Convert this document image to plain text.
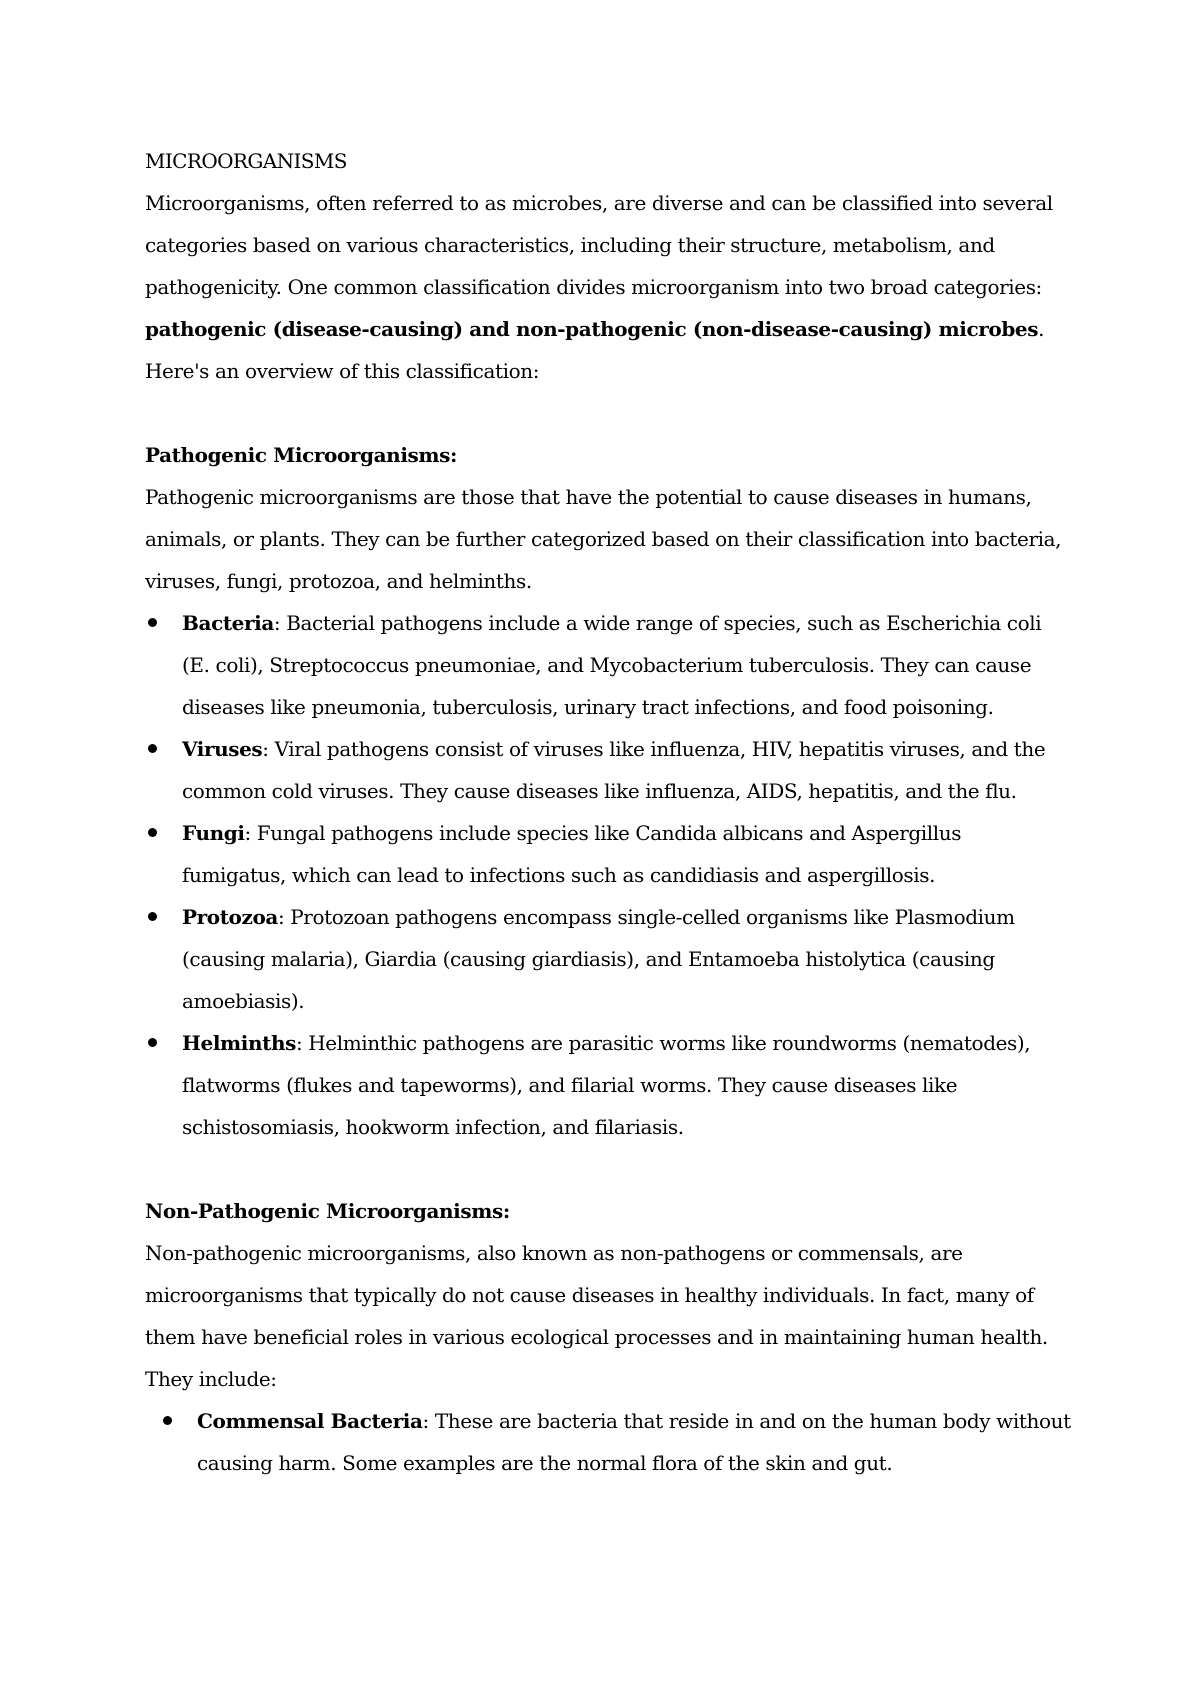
MICROORGANISMS
Microorganisms, often referred to as microbes, are diverse and can be classified into several
categories based on various characteristics, including their structure, metabolism, and
pathogenicity. One common classification divides microorganism into two broad categories:
pathogenic (disease-causing) and non-pathogenic (non-disease-causing) microbes.
Here's an overview of this classification:
Pathogenic Microorganisms:
Pathogenic microorganisms are those that have the potential to cause diseases in humans,
animals, or plants. They can be further categorized based on their classification into bacteria,
viruses, fungi, protozoa, and helminths.
Bacteria: Bacterial pathogens include a wide range of species, such as Escherichia coli
(E. coli), Streptococcus pneumoniae, and Mycobacterium tuberculosis. They can cause
diseases like pneumonia, tuberculosis, urinary tract infections, and food poisoning.
Viruses: Viral pathogens consist of viruses like influenza, HIV, hepatitis viruses, and the
common cold viruses. They cause diseases like influenza, AIDS, hepatitis, and the flu.
Fungi: Fungal pathogens include species like Candida albicans and Aspergillus
fumigatus, which can lead to infections such as candidiasis and aspergillosis.
Protozoa: Protozoan pathogens encompass single-celled organisms like Plasmodium
(causing malaria), Giardia (causing giardiasis), and Entamoeba histolytica (causing
amoebiasis).
Helminths: Helminthic pathogens are parasitic worms like roundworms (nematodes),
flatworms (flukes and tapeworms), and filarial worms. They cause diseases like
schistosomiasis, hookworm infection, and filariasis.
Non-Pathogenic Microorganisms:
Non-pathogenic microorganisms, also known as non-pathogens or commensals, are
microorganisms that typically do not cause diseases in healthy individuals. In fact, many of
them have beneficial roles in various ecological processes and in maintaining human health.
They include:
Commensal Bacteria: These are bacteria that reside in and on the human body without
causing harm. Some examples are the normal flora of the skin and gut.
